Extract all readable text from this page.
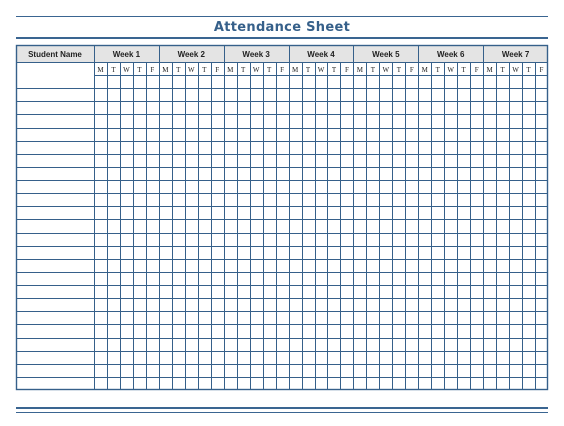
Attendance Sheet
Student Name	Week 1
M T W T F
Week 2
M T W T F
Week 3
M T W T F
Week 4
M T W T F
Week 5
M T W T F
Week 6
M T W T F
Week 7
M T W T F
